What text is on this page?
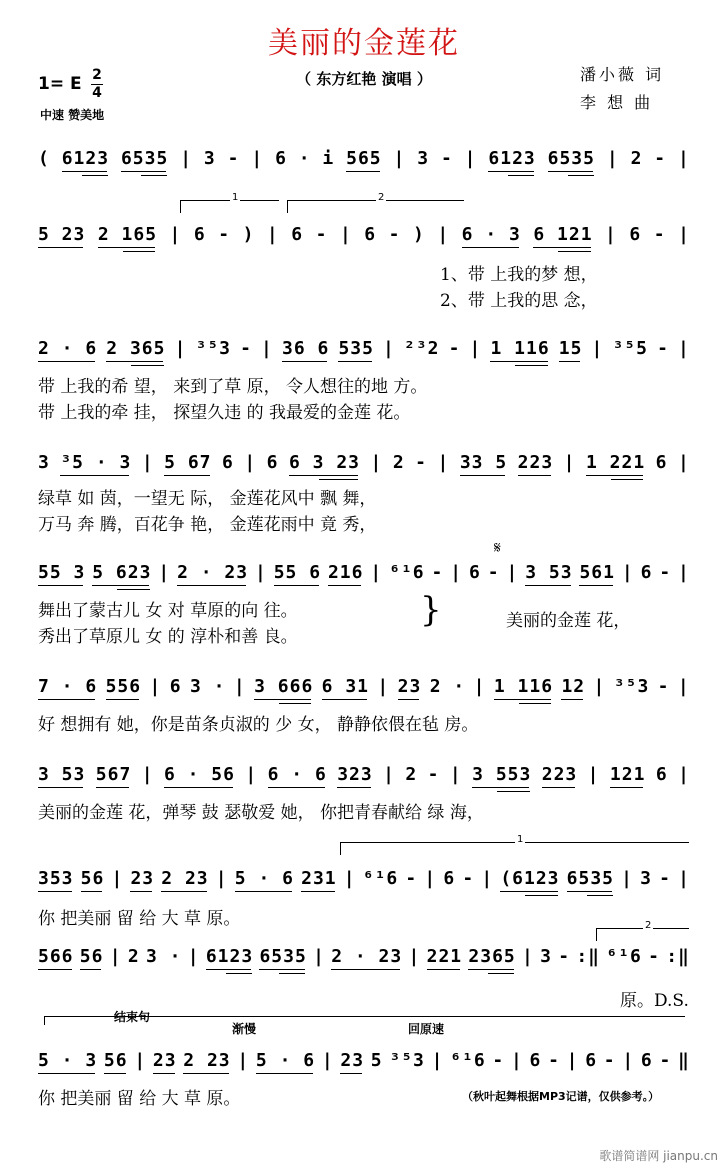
美丽的金莲花
（ 东方红艳 演唱 ）	潘小薇 词
李 想 曲
1= E 2
4
中速 赞美地
( 6123 6535 | 3 - | 6 · i 565 | 3 - | 6123 6535 | 2 - |
5 23 2 165 | 6 - ) | 6 - | 6 - ) | 6 · 3 6 121 | 6 - |
2 · 6 2 365 | ³⁵3 - | 36 6 535 | ²³2 - | 1 116 15 | ³⁵5 - |
3 ³5 · 3 | 5 67 6 | 6 6 3 23 | 2 - | 33 5 223 | 1 221 6 |
55 3 5 623 | 2 · 23 | 55 6 216 | ⁶¹6 - | 6 - | 3 53 561 | 6 - |
7 · 6 556 | 6 3 · | 3 666 6 31 | 23 2 · | 1 116 12 | ³⁵3 - |
3 53 567 | 6 · 56 | 6 · 6 323 | 2 - | 3 553 223 | 121 6 |
353 56 | 23 2 23 | 5 · 6 231 | ⁶¹6 - | 6 - | (6123 6535 | 3 - |
566 56 | 2 3 · | 6123 6535 | 2 · 23 | 221 2365 | 3 - :‖ ⁶¹6 - :‖
5 · 3 56 | 23 2 23 | 5 · 6 | 23 5 ³⁵3 | ⁶¹6 - | 6 - | 6 - | 6 - ‖
1	2
1、带 上我的梦 想，
2、带 上我的思 念，
带 上我的希 望， 来到了草 原， 令人想往的地 方。
带 上我的牵 挂， 探望久违 的 我最爱的金莲 花。
绿草 如 茵，一望无 际， 金莲花风中 飘 舞，
万马 奔 腾，百花争 艳， 金莲花雨中 竟 秀，
𝄋
舞出了蒙古儿 女 对 草原的向 往。
秀出了草原儿 女 的 淳朴和善 良。
}	美丽的金莲 花，
好 想拥有 她，你是苗条贞淑的 少 女， 静静依偎在毡 房。
美丽的金莲 花，弹琴 鼓 瑟敬爱 她， 你把青春献给 绿 海，
1
你 把美丽 留 给 大 草 原。	2
原。D.S.
结束句
渐慢	回原速
你 把美丽 留 给 大 草 原。	（秋叶起舞根据MP3记谱，仅供参考。）
歌谱简谱网 jianpu.cn
